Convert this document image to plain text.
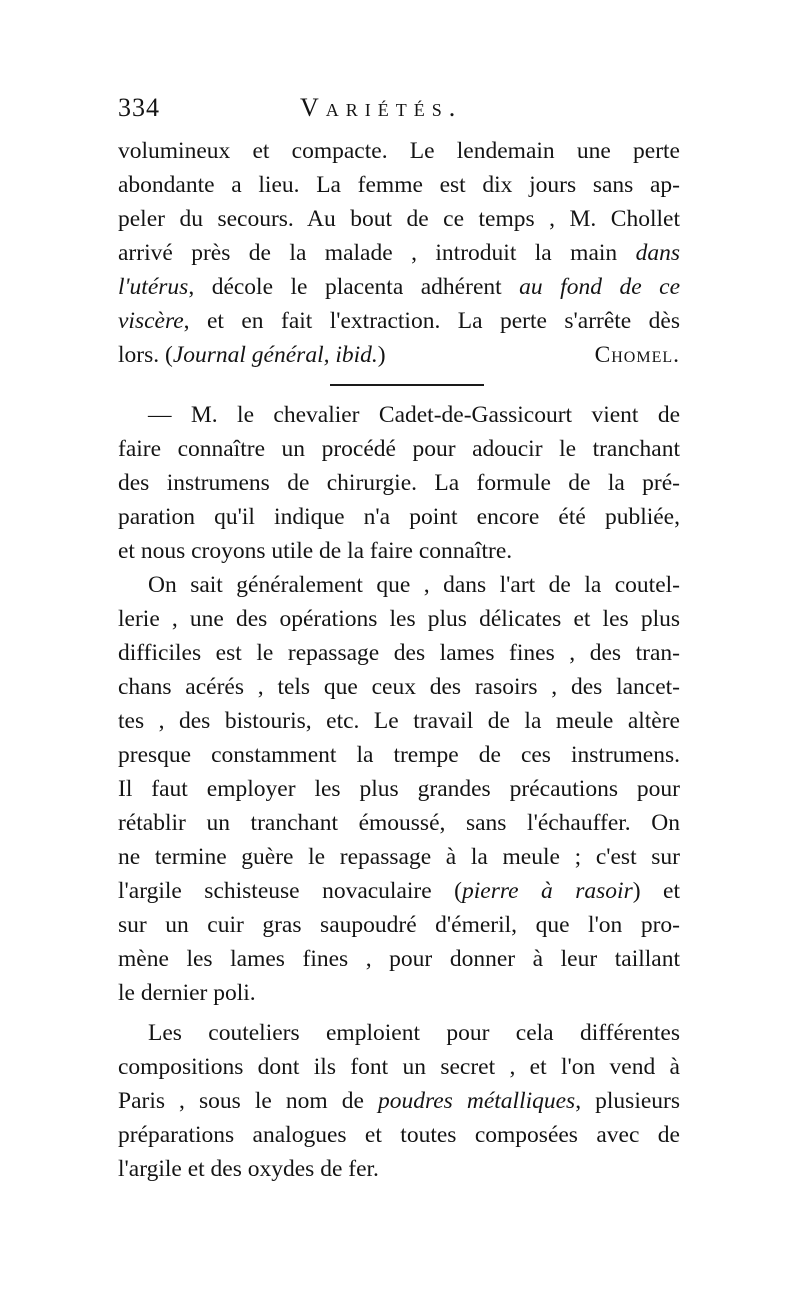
334	Variétés.
volumineux et compacte. Le lendemain une perte
abondante a lieu. La femme est dix jours sans ap-
peler du secours. Au bout de ce temps , M. Chollet
arrivé près de la malade , introduit la main dans
l'utérus, décole le placenta adhérent au fond de ce
viscère, et en fait l'extraction. La perte s'arrête dès
lors. (Journal général, ibid.)	Chomel.
— M. le chevalier Cadet-de-Gassicourt vient de
faire connaître un procédé pour adoucir le tranchant
des instrumens de chirurgie. La formule de la pré-
paration qu'il indique n'a point encore été publiée,
et nous croyons utile de la faire connaître.
On sait généralement que , dans l'art de la coutel-
lerie , une des opérations les plus délicates et les plus
difficiles est le repassage des lames fines , des tran-
chans acérés , tels que ceux des rasoirs , des lancet-
tes , des bistouris, etc. Le travail de la meule altère
presque constamment la trempe de ces instrumens.
Il faut employer les plus grandes précautions pour
rétablir un tranchant émoussé, sans l'échauffer. On
ne termine guère le repassage à la meule ; c'est sur
l'argile schisteuse novaculaire (pierre à rasoir) et
sur un cuir gras saupoudré d'émeril, que l'on pro-
mène les lames fines , pour donner à leur taillant
le dernier poli.
Les couteliers emploient pour cela différentes
compositions dont ils font un secret , et l'on vend à
Paris , sous le nom de poudres métalliques, plusieurs
préparations analogues et toutes composées avec de
l'argile et des oxydes de fer.
